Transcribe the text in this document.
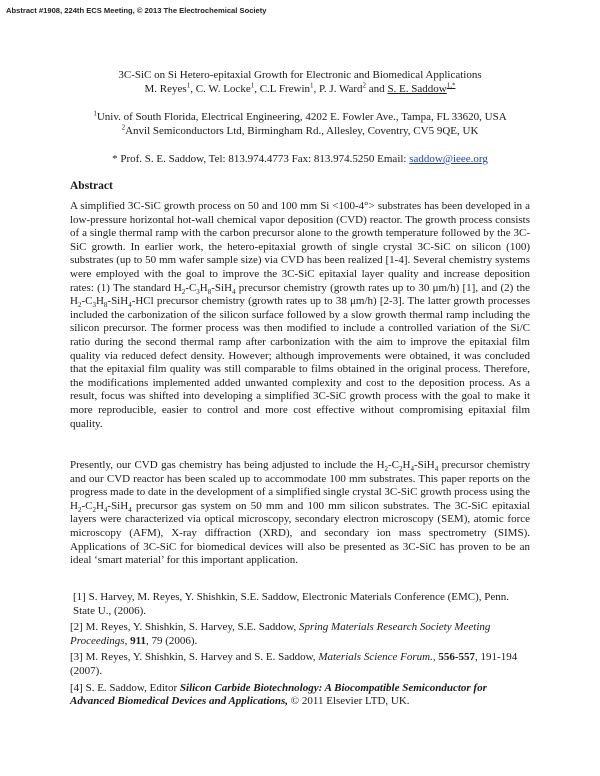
Abstract #1908, 224th ECS Meeting, © 2013 The Electrochemical Society
3C-SiC on Si Hetero-epitaxial Growth for Electronic and Biomedical Applications
M. Reyes$^1$, C. W. Locke$^1$, C.L Frewin$^1$, P. J. Ward$^2$ and S. E. Saddow$^{1,*}$
$^1$Univ. of South Florida, Electrical Engineering, 4202 E. Fowler Ave., Tampa, FL 33620, USA
$^2$Anvil Semiconductors Ltd, Birmingham Rd., Allesley, Coventry, CV5 9QE, UK
* Prof. S. E. Saddow, Tel: 813.974.4773 Fax: 813.974.5250 Email: saddow@ieee.org
Abstract

A simplified 3C-SiC growth process on 50 and 100 mm Si <100-4°> substrates has been developed in a low-pressure horizontal hot-wall chemical vapor deposition (CVD) reactor. The growth process consists of a single thermal ramp with the carbon precursor alone to the growth temperature followed by the 3C-SiC growth. In earlier work, the hetero-epitaxial growth of single crystal 3C-SiC on silicon (100) substrates (up to 50 mm wafer sample size) via CVD has been realized [1-4]. Several chemistry systems were employed with the goal to improve the 3C-SiC epitaxial layer quality and increase deposition rates: (1) The standard $H_2-C_3H_8-SiH_4$ precursor chemistry (growth rates up to 30 μm/h) [1], and (2) the $H_2-C_3H_8-SiH_4$-HCl precursor chemistry (growth rates up to 38 μm/h) [2-3]. The latter growth processes included the carbonization of the silicon surface followed by a slow growth thermal ramp including the silicon precursor. The former process was then modified to include a controlled variation of the Si/C ratio during the second thermal ramp after carbonization with the aim to improve the epitaxial film quality via reduced defect density. However; although improvements were obtained, it was concluded that the epitaxial film quality was still comparable to films obtained in the original process. Therefore, the modifications implemented added unwanted complexity and cost to the deposition process. As a result, focus was shifted into developing a simplified 3C-SiC growth process with the goal to make it more reproducible, easier to control and more cost effective without compromising epitaxial film quality.

Presently, our CVD gas chemistry has being adjusted to include the $H_2-C_2H_4-SiH_4$ precursor chemistry and our CVD reactor has been scaled up to accommodate 100 mm substrates. This paper reports on the progress made to date in the development of a simplified single crystal 3C-SiC growth process using the $H_2-C_2H_4-SiH_4$ precursor gas system on 50 mm and 100 mm silicon substrates. The 3C-SiC epitaxial layers were characterized via optical microscopy, secondary electron microscopy (SEM), atomic force microscopy (AFM), X-ray diffraction (XRD), and secondary ion mass spectrometry (SIMS). Applications of 3C-SiC for biomedical devices will also be presented as 3C-SiC has proven to be an ideal ‘smart material’ for this important application.

[1] S. Harvey, M. Reyes, Y. Shishkin, S.E. Saddow, Electronic Materials Conference (EMC), Penn. State U., (2006).

[2] M. Reyes, Y. Shishkin, S. Harvey, S.E. Saddow, Spring Materials Research Society Meeting Proceedings, 911, 79 (2006).

[3] M. Reyes, Y. Shishkin, S. Harvey and S. E. Saddow, Materials Science Forum., 556-557, 191-194 (2007).

[4] S. E. Saddow, Editor Silicon Carbide Biotechnology: A Biocompatible Semiconductor for Advanced Biomedical Devices and Applications, © 2011 Elsevier LTD, UK.
